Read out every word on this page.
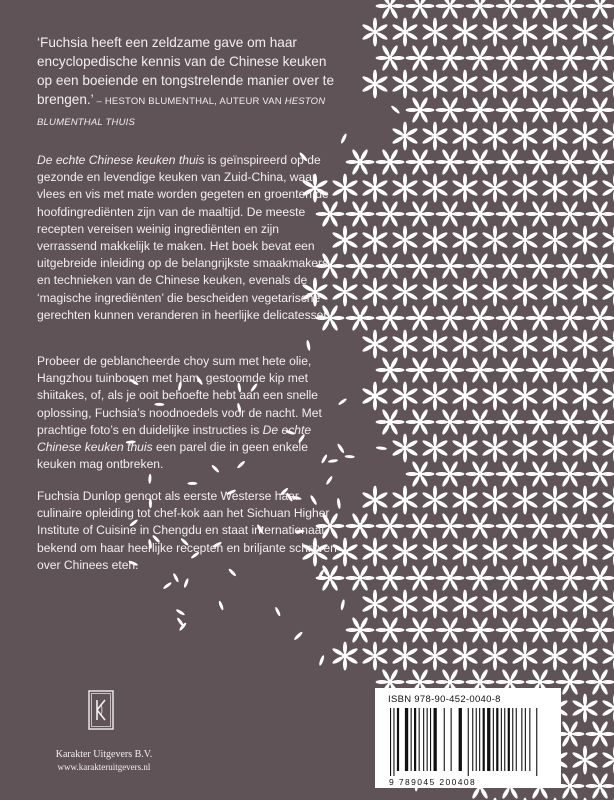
‘Fuchsia heeft een zeldzame gave om haar encyclopedische kennis van de Chinese keuken op een boeiende en tongstrelende manier over te brengen.’ – HESTON BLUMENTHAL, AUTEUR VAN HESTON BLUMENTHAL THUIS
De echte Chinese keuken thuis is geïnspireerd op de gezonde en levendige keuken van Zuid-China, waar vlees en vis met mate worden gegeten en groenten de hoofdingrediënten zijn van de maaltijd. De meeste recepten vereisen weinig ingrediënten en zijn verrassend makkelijk te maken. Het boek bevat een uitgebreide inleiding op de belangrijkste smaakmakers en technieken van de Chinese keuken, evenals de ‘magische ingrediënten’ die bescheiden vegetarische gerechten kunnen veranderen in heerlijke delicatessen.
Probeer de geblancheerde choy sum met hete olie, Hangzhou tuinbonen met ham, gestoomde kip met shiitakes, of, als je ooit behoefte hebt aan een snelle oplossing, Fuchsia’s noodnoedels voor de nacht. Met prachtige foto’s en duidelijke instructies is De echte Chinese keuken thuis een parel die in geen enkele keuken mag ontbreken.
Fuchsia Dunlop genoot als eerste Westerse haar culinaire opleiding tot chef-kok aan het Sichuan Higher Institute of Cuisine in Chengdu en staat internationaal bekend om haar heerlijke recepten en briljante schrijven over Chinees eten.
Karakter Uitgevers B.V.
www.karakteruitgevers.nl
ISBN 978-90-452-0040-8
9 789045 200408
